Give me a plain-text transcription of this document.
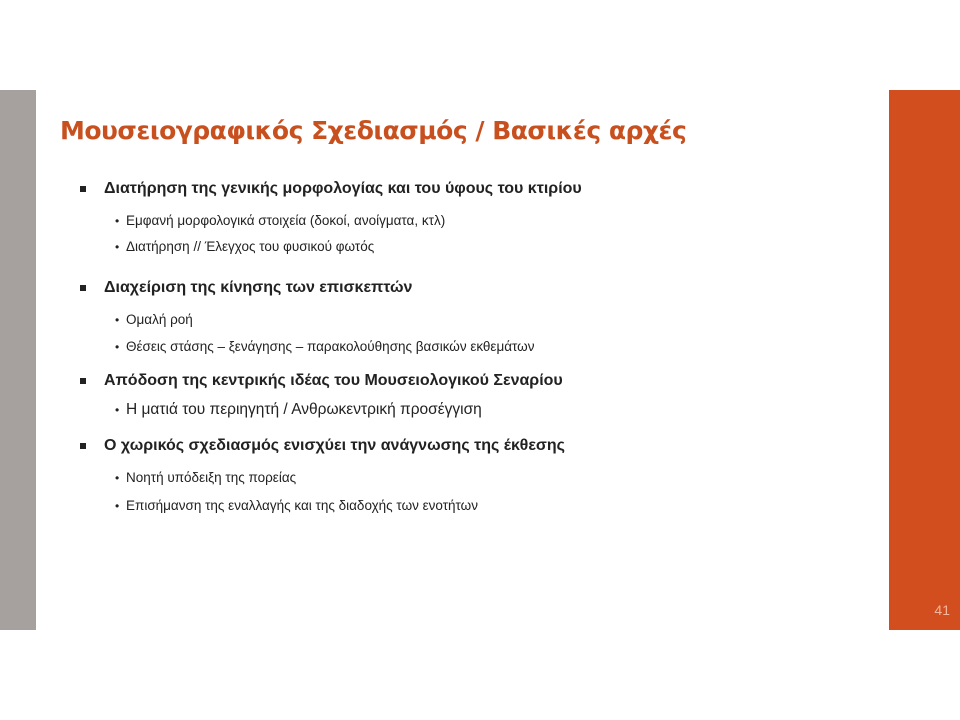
41
Μουσειογραφικός Σχεδιασμός / Βασικές αρχές
Διατήρηση της γενικής μορφολογίας και του ύφους του κτιρίου
• Εμφανή μορφολογικά στοιχεία (δοκοί, ανοίγματα, κτλ)
• Διατήρηση // Έλεγχος του φυσικού φωτός
Διαχείριση της κίνησης των επισκεπτών
• Ομαλή ροή
• Θέσεις στάσης – ξενάγησης – παρακολούθησης βασικών εκθεμάτων
Απόδοση της κεντρικής ιδέας του Μουσειολογικού Σεναρίου
• Η ματιά του περιηγητή / Ανθρωκεντρική προσέγγιση
Ο χωρικός σχεδιασμός ενισχύει την ανάγνωσης της έκθεσης
• Νοητή υπόδειξη της πορείας
• Επισήμανση της εναλλαγής και της διαδοχής των ενοτήτων
